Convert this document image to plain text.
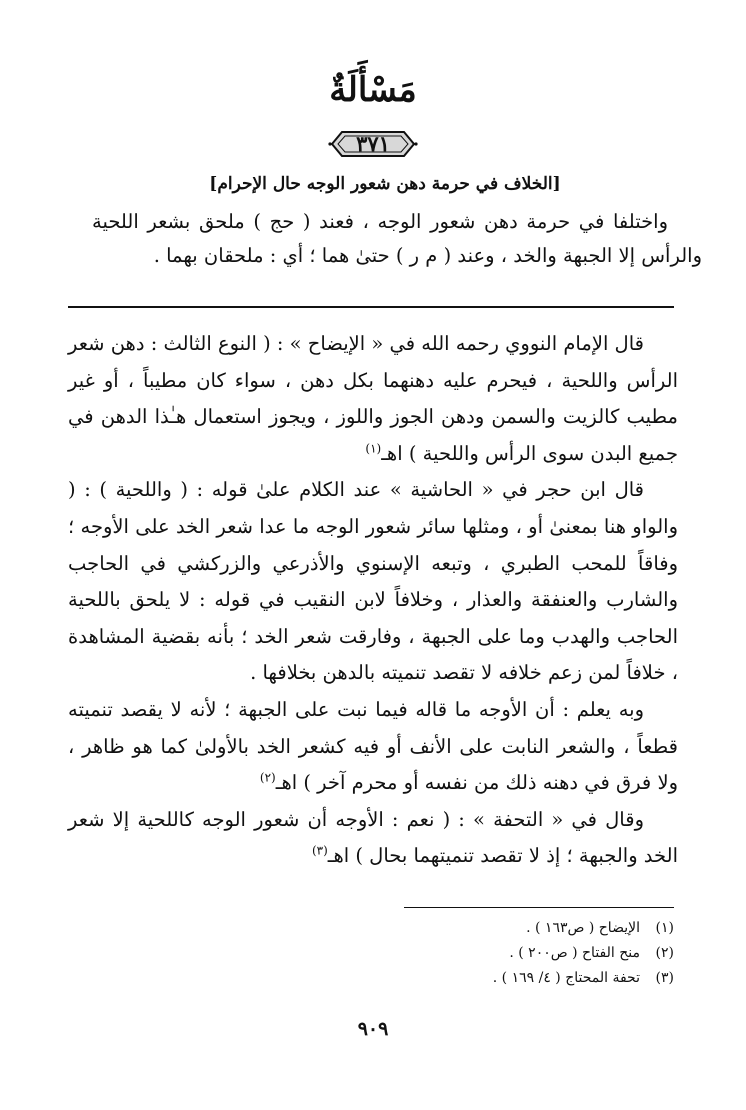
مَسْأَلَةٌ
٣٧١
[الخلاف في حرمة دهن شعور الوجه حال الإحرام]

واختلفا في حرمة دهن شعور الوجه ، فعند ( حج ) ملحق بشعر اللحية والرأس إلا الجبهة والخد ، وعند ( م ر ) حتىٰ هما ؛ أي : ملحقان بهما .

قال الإمام النووي رحمه الله في « الإيضاح » : ( النوع الثالث : دهن شعر الرأس واللحية ، فيحرم عليه دهنهما بكل دهن ، سواء كان مطيباً ، أو غير مطيب كالزيت والسمن ودهن الجوز واللوز ، ويجوز استعمال هـٰذا الدهن في جميع البدن سوى الرأس واللحية ) اهـ$^{(١)}$

قال ابن حجر في « الحاشية » عند الكلام علىٰ قوله : ( واللحية ) : ( والواو هنا بمعنىٰ أو ، ومثلها سائر شعور الوجه ما عدا شعر الخد على الأوجه ؛ وفاقاً للمحب الطبري ، وتبعه الإسنوي والأذرعي والزركشي في الحاجب والشارب والعنفقة والعذار ، وخلافاً لابن النقيب في قوله : لا يلحق باللحية الحاجب والهدب وما على الجبهة ، وفارقت شعر الخد ؛ بأنه بقضية المشاهدة ، خلافاً لمن زعم خلافه لا تقصد تنميته بالدهن بخلافها .

وبه يعلم : أن الأوجه ما قاله فيما نبت على الجبهة ؛ لأنه لا يقصد تنميته قطعاً ، والشعر النابت على الأنف أو فيه كشعر الخد بالأولىٰ كما هو ظاهر ، ولا فرق في دهنه ذلك من نفسه أو محرم آخر ) اهـ$^{(٢)}$

وقال في « التحفة » : ( نعم : الأوجه أن شعور الوجه كاللحية إلا شعر الخد والجبهة ؛ إذ لا تقصد تنميتهما بحال ) اهـ$^{(٣)}$

(١)الإيضاح ( ص١٦٣ ) .

(٢)منح الفتاح ( ص٢٠٠ ) .

(٣)تحفة المحتاج ( ٤/ ١٦٩ ) .

٩٠٩
